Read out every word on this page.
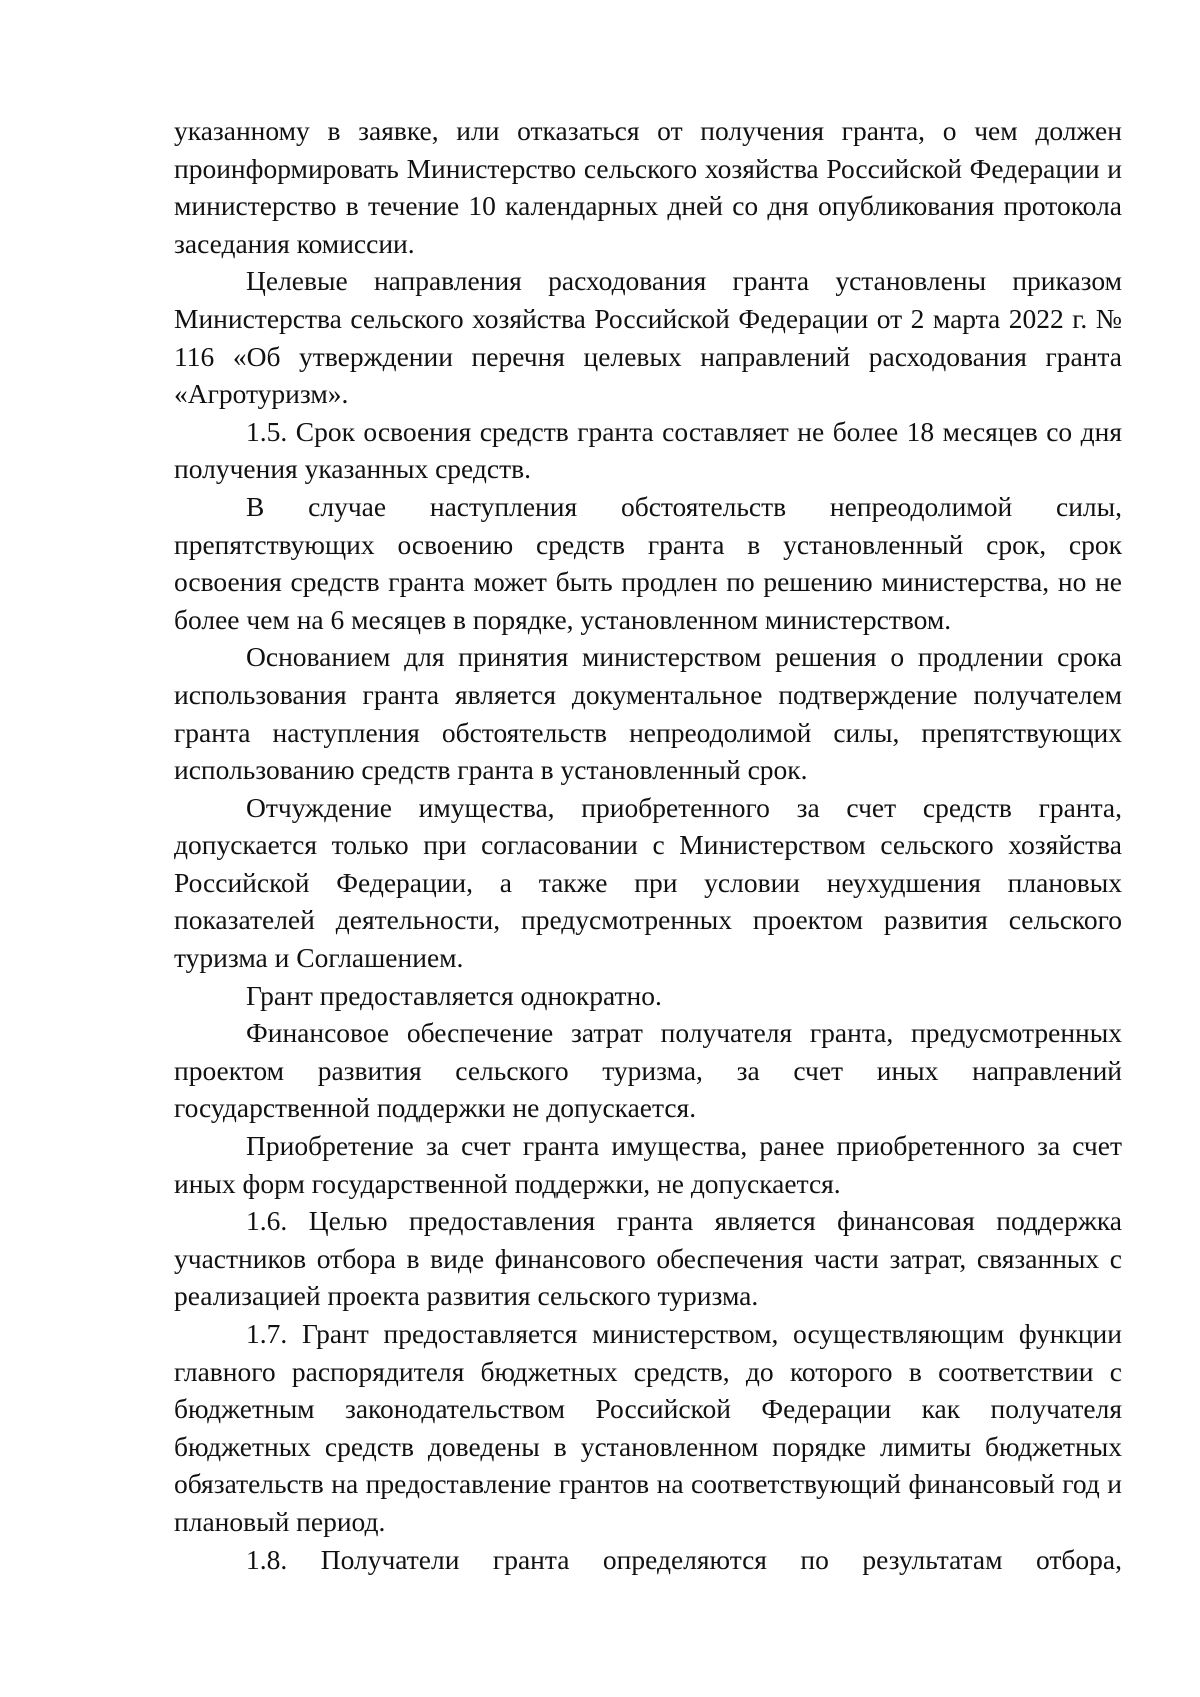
указанному в заявке, или отказаться от получения гранта, о чем должен проинформировать Министерство сельского хозяйства Российской Федерации и министерство в течение 10 календарных дней со дня опубликования протокола заседания комиссии.

Целевые направления расходования гранта установлены приказом Министерства сельского хозяйства Российской Федерации от 2 марта 2022 г. № 116 «Об утверждении перечня целевых направлений расходования гранта «Агротуризм».

1.5. Срок освоения средств гранта составляет не более 18 месяцев со дня получения указанных средств.

В случае наступления обстоятельств непреодолимой силы, препятствующих освоению средств гранта в установленный срок, срок освоения средств гранта может быть продлен по решению министерства, но не более чем на 6 месяцев в порядке, установленном министерством.

Основанием для принятия министерством решения о продлении срока использования гранта является документальное подтверждение получателем гранта наступления обстоятельств непреодолимой силы, препятствующих использованию средств гранта в установленный срок.

Отчуждение имущества, приобретенного за счет средств гранта, допускается только при согласовании с Министерством сельского хозяйства Российской Федерации, а также при условии неухудшения плановых показателей деятельности, предусмотренных проектом развития сельского туризма и Соглашением.

Грант предоставляется однократно.

Финансовое обеспечение затрат получателя гранта, предусмотренных проектом развития сельского туризма, за счет иных направлений государственной поддержки не допускается.

Приобретение за счет гранта имущества, ранее приобретенного за счет иных форм государственной поддержки, не допускается.

1.6. Целью предоставления гранта является финансовая поддержка участников отбора в виде финансового обеспечения части затрат, связанных с реализацией проекта развития сельского туризма.

1.7. Грант предоставляется министерством, осуществляющим функции главного распорядителя бюджетных средств, до которого в соответствии с бюджетным законодательством Российской Федерации как получателя бюджетных средств доведены в установленном порядке лимиты бюджетных обязательств на предоставление грантов на соответствующий финансовый год и плановый период.

1.8. Получатели гранта определяются по результатам отбора,
